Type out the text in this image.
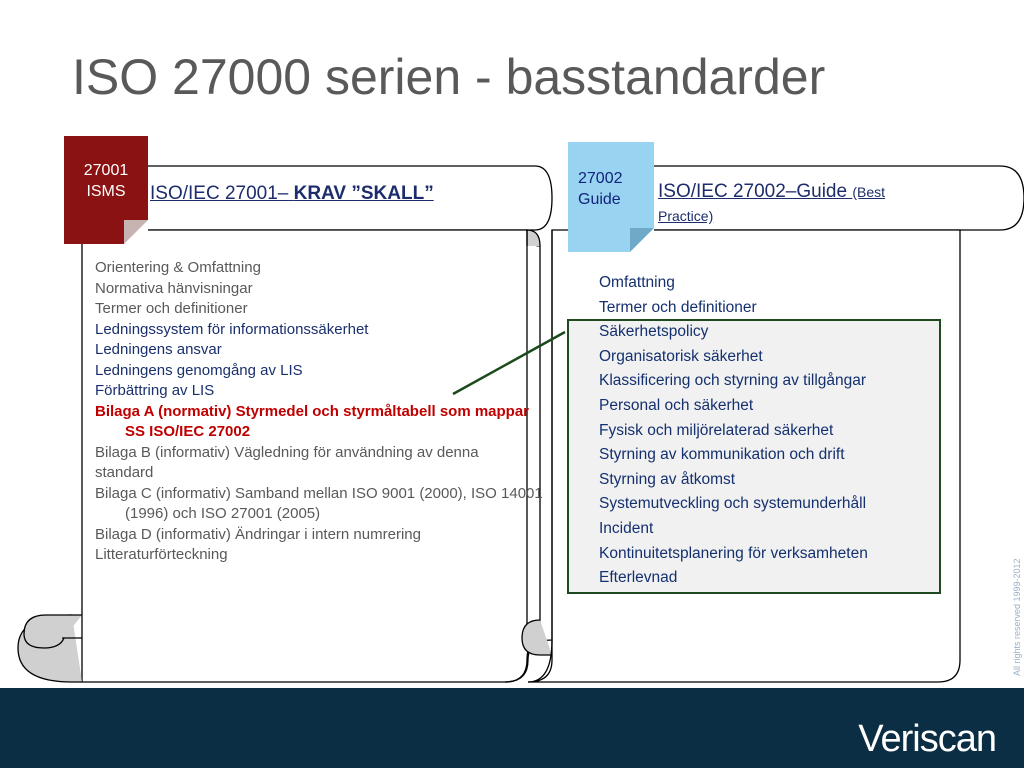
ISO 27000 serien - basstandarder
27001
ISMS	ISO/IEC 27001– KRAV ”SKALL”
Orientering & Omfattning
Normativa hänvisningar
Termer och definitioner
Ledningssystem för informationssäkerhet
Ledningens ansvar
Ledningens genomgång av LIS
Förbättring av LIS
Bilaga A (normativ) Styrmedel och styrmåltabell som mappar SS ISO/IEC 27002
Bilaga B (informativ) Vägledning för användning av denna standard
Bilaga C (informativ) Samband mellan ISO 9001 (2000), ISO 14001 (1996) och ISO 27001 (2005)
Bilaga D (informativ) Ändringar i intern numrering
Litteraturförteckning
27002
Guide	ISO/IEC 27002–Guide (Best
Practice)
Omfattning
Termer och definitioner
Säkerhetspolicy
Organisatorisk säkerhet
Klassificering och styrning av tillgångar
Personal och säkerhet
Fysisk och miljörelaterad säkerhet
Styrning av kommunikation och drift
Styrning av åtkomst
Systemutveckling och systemunderhåll
Incident
Kontinuitetsplanering för verksamheten
Efterlevnad	All rights reserved 1999-2012
Veriscan
